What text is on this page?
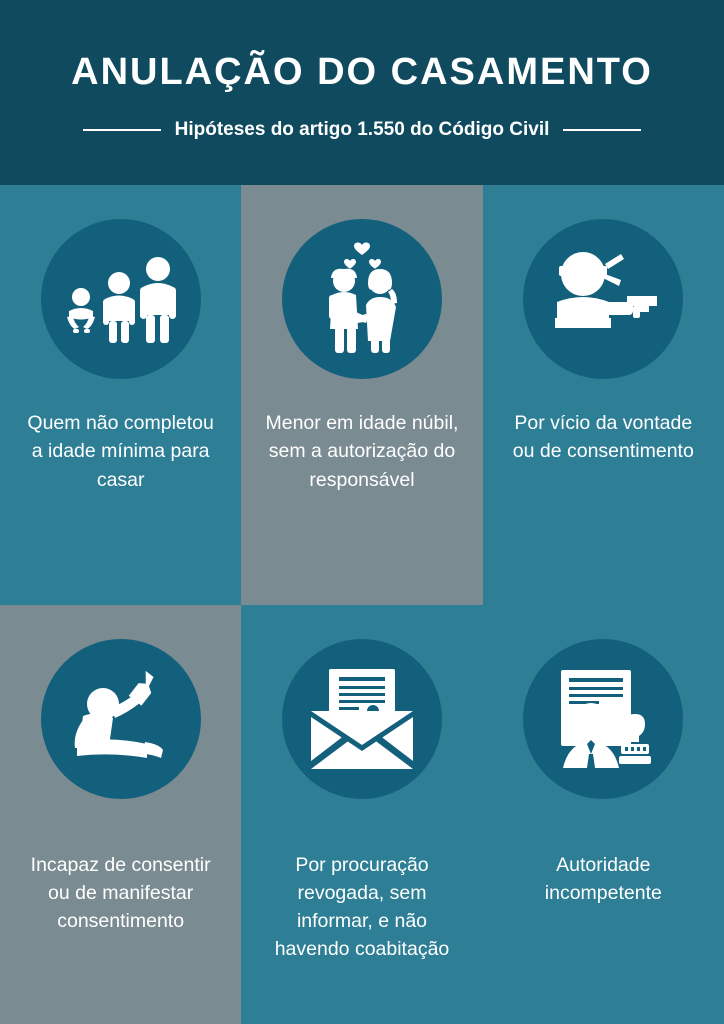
ANULAÇÃO DO CASAMENTO
Hipóteses do artigo 1.550 do Código Civil
Quem não completou a idade mínima para casar
Menor em idade núbil, sem a autorização do responsável
Por vício da vontade ou de consentimento
Incapaz de consentir ou de manifestar consentimento
Por procuração revogada, sem informar, e não havendo coabitação
Autoridade incompetente
